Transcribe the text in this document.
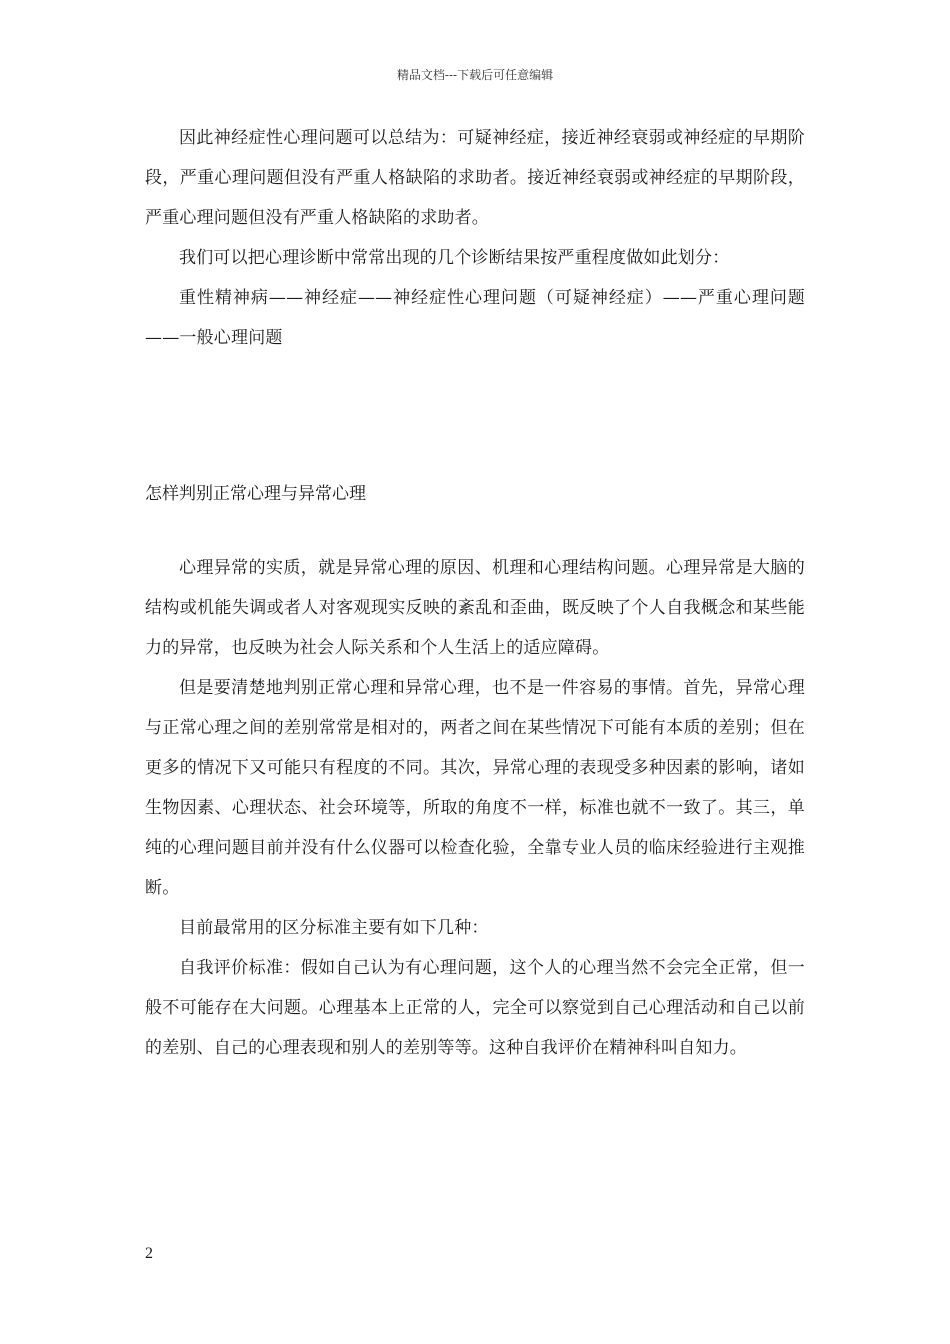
精品文档---下载后可任意编辑

因此神经症性心理问题可以总结为：可疑神经症，接近神经衰弱或神经症的早期阶段，严重心理问题但没有严重人格缺陷的求助者。接近神经衰弱或神经症的早期阶段，严重心理问题但没有严重人格缺陷的求助者。

我们可以把心理诊断中常常出现的几个诊断结果按严重程度做如此划分：

重性精神病——神经症——神经症性心理问题（可疑神经症）——严重心理问题——一般心理问题

怎样判别正常心理与异常心理

心理异常的实质，就是异常心理的原因、机理和心理结构问题。心理异常是大脑的结构或机能失调或者人对客观现实反映的紊乱和歪曲，既反映了个人自我概念和某些能力的异常，也反映为社会人际关系和个人生活上的适应障碍。

但是要清楚地判别正常心理和异常心理，也不是一件容易的事情。首先，异常心理与正常心理之间的差别常常是相对的，两者之间在某些情况下可能有本质的差别；但在更多的情况下又可能只有程度的不同。其次，异常心理的表现受多种因素的影响，诸如生物因素、心理状态、社会环境等，所取的角度不一样，标准也就不一致了。其三，单纯的心理问题目前并没有什么仪器可以检查化验，全靠专业人员的临床经验进行主观推断。

目前最常用的区分标准主要有如下几种：

自我评价标准：假如自己认为有心理问题，这个人的心理当然不会完全正常，但一般不可能存在大问题。心理基本上正常的人，完全可以察觉到自己心理活动和自己以前的差别、自己的心理表现和别人的差别等等。这种自我评价在精神科叫自知力。

2
